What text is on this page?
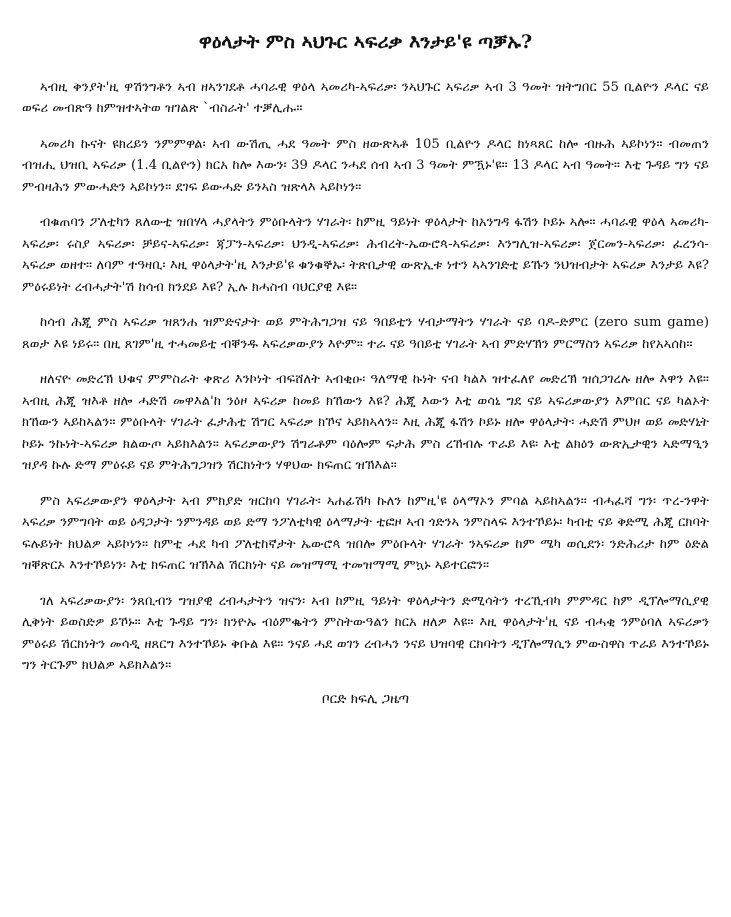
ዋዕላታት ምስ ኣህጉር ኣፍሪቃ እንታይ'ዩ ጣቓኡ?

ኣብዚ ቅንያት'ዚ ዋሽንግቶን ኣብ ዘኣንገደቶ ሓባራዊ ዋዕላ ኣመሪካ-ኣፍሪቃ፡ ንኣህጉር ኣፍሪቃ ኣብ 3 ዓመት ዝትግበር 55 ቢልዮን ዶላር ናይ ወፍሪ መብጽዓ ከምዝተኣትወ ዝገልጽ `ብስራት' ተቓሊሑ።

ኣመሪካ ኩናት ዩክረይን ንምምዋል፡ ኣብ ውሽጢ ሓደ ዓመት ምስ ዘውጽኣቶ 105 ቢልዮን ዶላር ክነጻጸር ከሎ ብዙሕ ኣይኮነን። ብመጠን ብዝሒ ህዝቢ ኣፍሪቃ (1.4 ቢልዮን) ክርአ ከሎ እውን፡ 39 ዶላር ንሓደ ሰብ ኣብ 3 ዓመት ምዃኑ'ዩ። 13 ዶላር ኣብ ዓመት። እቲ ጉዳይ ግን ናይ ምብዛሕን ምውሓድን ኣይኮነን። ደገፍ ይውሓድ ይንኣስ ዝጽላእ ኣይኮነን።

ብቁጠባን ፖለቲካን ጸለውቲ ዝበሃላ ሓያላትን ምዕቡላትን ሃገራት፡ ከምዚ ዓይነት ዋዕላታት ከአንግዳ ፋሽን ኮይኑ ኣሎ። ሓባራዊ ዋዕላ ኣመሪካ-ኣፍሪቃ፡ ሩስያ ኣፍሪቃ፡ ቻይና-ኣፍሪቃ፡ ጃፓን-ኣፍሪቃ፡ ህንዲ-ኣፍሪቃ፡ ሕብረት-ኤውሮጳ-ኣፍሪቃ፡ እንግሊዝ-ኣፍሪቃ፡ ጀርመን-ኣፍሪቃ፡ ፈረንሳ-ኣፍሪቃ ወዘተ። ለባም ተዓዛቢ፡ እዚ ዋዕላታት'ዚ እንታይ'ዩ ቁንቁኞኡ፡ ትጽቢታዊ ውጽኢቱ ነተን ኣኣንገድቲ ይኹን ንህዝብታት ኣፍሪቃ እንታይ እዩ? ምዕሩይነት ረብሓታት'ሽ ከሳብ ክንደይ እዩ? ኢሉ ክሓስብ ባህርያዊ እዩ።

ከሳብ ሕጂ ምስ ኣፍሪቃ ዝጸንሐ ዝምድናታት ወይ ምትሕግጋዝ ናይ ዓበይቲን ሃብታማትን ሃገራት ናይ ባዶ-ድምር (zero sum game) ጸወታ እዩ ነይሩ። በዚ ጸገም'ዚ ተሓመይቲ ብቐንዱ ኣፍሪቃውያን እዮም። ተራ ናይ ዓበይቲ ሃገራት ኣብ ምድሃኽን ምርማስን ኣፍሪቃ ከየአኣሰከ።

ዘለናዮ መድረኽ ህቁና ምምስራት ቀጽሪ እንኮነት ብፍሸለት ኣብቂዑ፡ ዓለማዊ ኩነት ናብ ካልእ ዝተፈለየ መድረኽ ዝሰጋገረሉ ዘሎ እዋን እዩ። ኣብዚ ሕጂ ዝእቶ ዘሎ ሓድሽ መዋእል'ከ ንዕዞ ኣፍሪቃ ከመይ ክኸውን እዩ? ሕጂ እውን እቲ ወሳኒ ግደ ናይ ኣፍሪቃውያን እምበር ናይ ካልኦት ክኸውን ኣይከኣልን። ምዕቡላት ሃገራት ፈታሕቲ ሽግር ኣፍሪቃ ክኾና ኣይክኣላን። እዚ ሕጂ ፋሽን ኮይኑ ዘሎ ዋዕላታት፡ ሓድሽ ምህዞ ወይ መድሃኒት ኮይኑ ንኩነት-ኣፍሪቃ ክልውጦ ኣይክእልን። ኣፍሪቃውያን ሽግራቶም ባዕሎም ፍታሕ ምስ ረኸብሉ ጥራይ እዩ፡ እቲ ልክዕን ውጽኢታዊን ኣድማዒን ዝያዳ ኩሉ ድማ ምዕሩይ ናይ ምትሕግጋዝን ሽርክነትን ሃዋህው ክፍጠር ዝኽእል።

ምስ ኣፍሪቃውያን ዋዕላታት ኣብ ምክያድ ዝርከባ ሃገራት፡ ኣሐፊሽካ ኩለን ከምዚ'ዩ ዕላማኦን ምባል ኣይከኣልን። ብሓፈሻ ግን፡ ጥረ-ንዋት ኣፍሪቃ ንምግባት ወይ ዕዳጋታት ንምንዳይ ወይ ድማ ንፖለቲካዊ ዕላማታት ቲፎዞ ኣብ ጎድንኣ ንምስላፍ እንተኾይኑ፡ ካብቲ ናይ ቅድሚ ሕጂ ርክባት ፍሉይነት ክህልዎ ኣይኮነን። ከምቲ ሓደ ካብ ፖለቲከኛታት ኤውሮጳ ዝበሎ ምዕቡላት ሃገራት ንኣፍሪቃ ከም ሜካ ወሲደን፡ ንድሕሪታ ከም ዕድል ዝቐጽርኦ እንተኾይነን፡ እቲ ክፍጠር ዝኽእል ሽርክነት ናይ መዝማሚ ተመዝማሚ ምኳኑ ኣይተርፎን።

ገለ ኣፍሪቃውያን፡ ንጸቢብን ግዝያዊ ረብሓታትን ዝናን፡ ኣብ ከምዚ ዓይነት ዋዕላታትን ድሚሳትን ተረኺብካ ምምዳር ከም ዲፕሎማሲያዊ ሊቅነት ይወስድዎ ይኾኑ። እቲ ጉዳይ ግን፡ ክንዮኡ ብዕምቈትን ምስትውዓልን ክርአ ዘለዎ እዩ። እዚ ዋዕላታት'ዚ ናይ ብሓቂ ንምዕባለ ኣፍሪቃን ምዕሩይ ሽርክነትን መሳዲ ዘጸርግ እንተኾይኑ ቅቡል እዩ። ንናይ ሓደ ወገን ረብሓን ንናይ ህዝባዊ ርክባትን ዲፕሎማሲን ምውስዋስ ጥራይ እንተኾይኑ ግን ትርጉም ክህልዎ ኣይክእልን።

ቦርድ ክፍሊ ጋዜጣ
